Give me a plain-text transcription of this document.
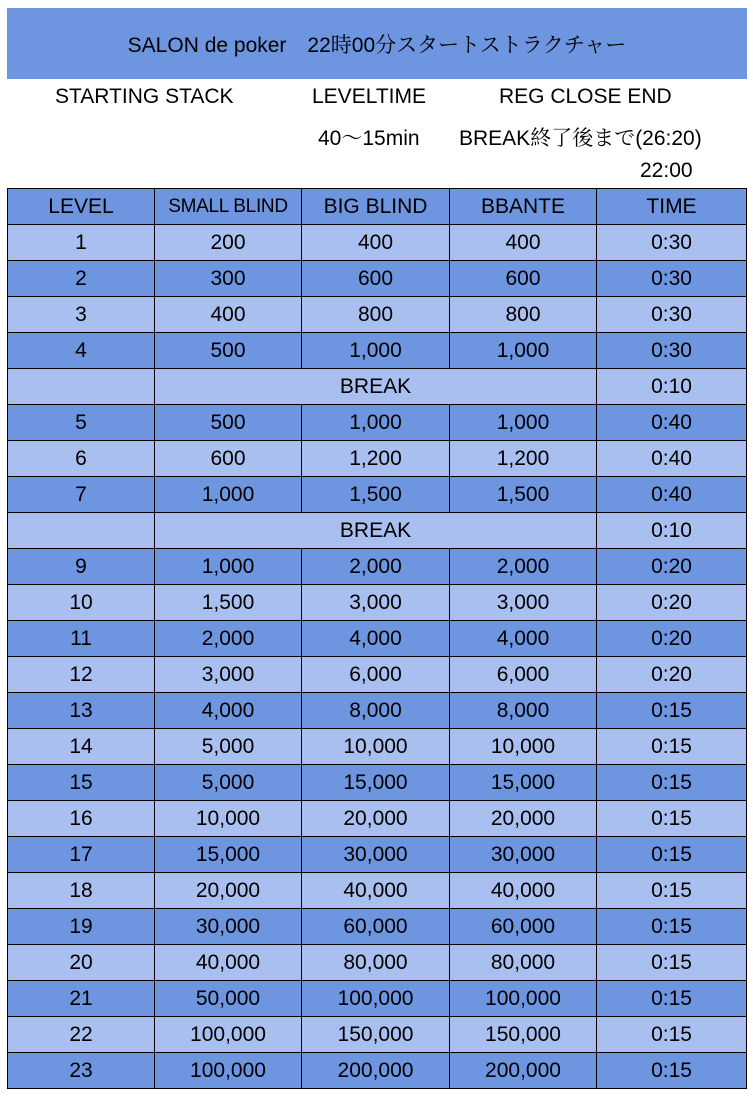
SALON de poker　22時00分スタートストラクチャー
STARTING STACK	LEVELTIME	REG CLOSE END
40～15min BREAK終了後まで(26:20)
22:00
LEVEL	SMALL BLIND	BIG BLIND	BBANTE	TIME
1	200	400	400	0:30
2	300	600	600	0:30
3	400	800	800	0:30
4	500	1,000	1,000	0:30
	BREAK			0:10
5	500	1,000	1,000	0:40
6	600	1,200	1,200	0:40
7	1,000	1,500	1,500	0:40
	BREAK			0:10
9	1,000	2,000	2,000	0:20
10	1,500	3,000	3,000	0:20
11	2,000	4,000	4,000	0:20
12	3,000	6,000	6,000	0:20
13	4,000	8,000	8,000	0:15
14	5,000	10,000	10,000	0:15
15	5,000	15,000	15,000	0:15
16	10,000	20,000	20,000	0:15
17	15,000	30,000	30,000	0:15
18	20,000	40,000	40,000	0:15
19	30,000	60,000	60,000	0:15
20	40,000	80,000	80,000	0:15
21	50,000	100,000	100,000	0:15
22	100,000	150,000	150,000	0:15
23	100,000	200,000	200,000	0:15
